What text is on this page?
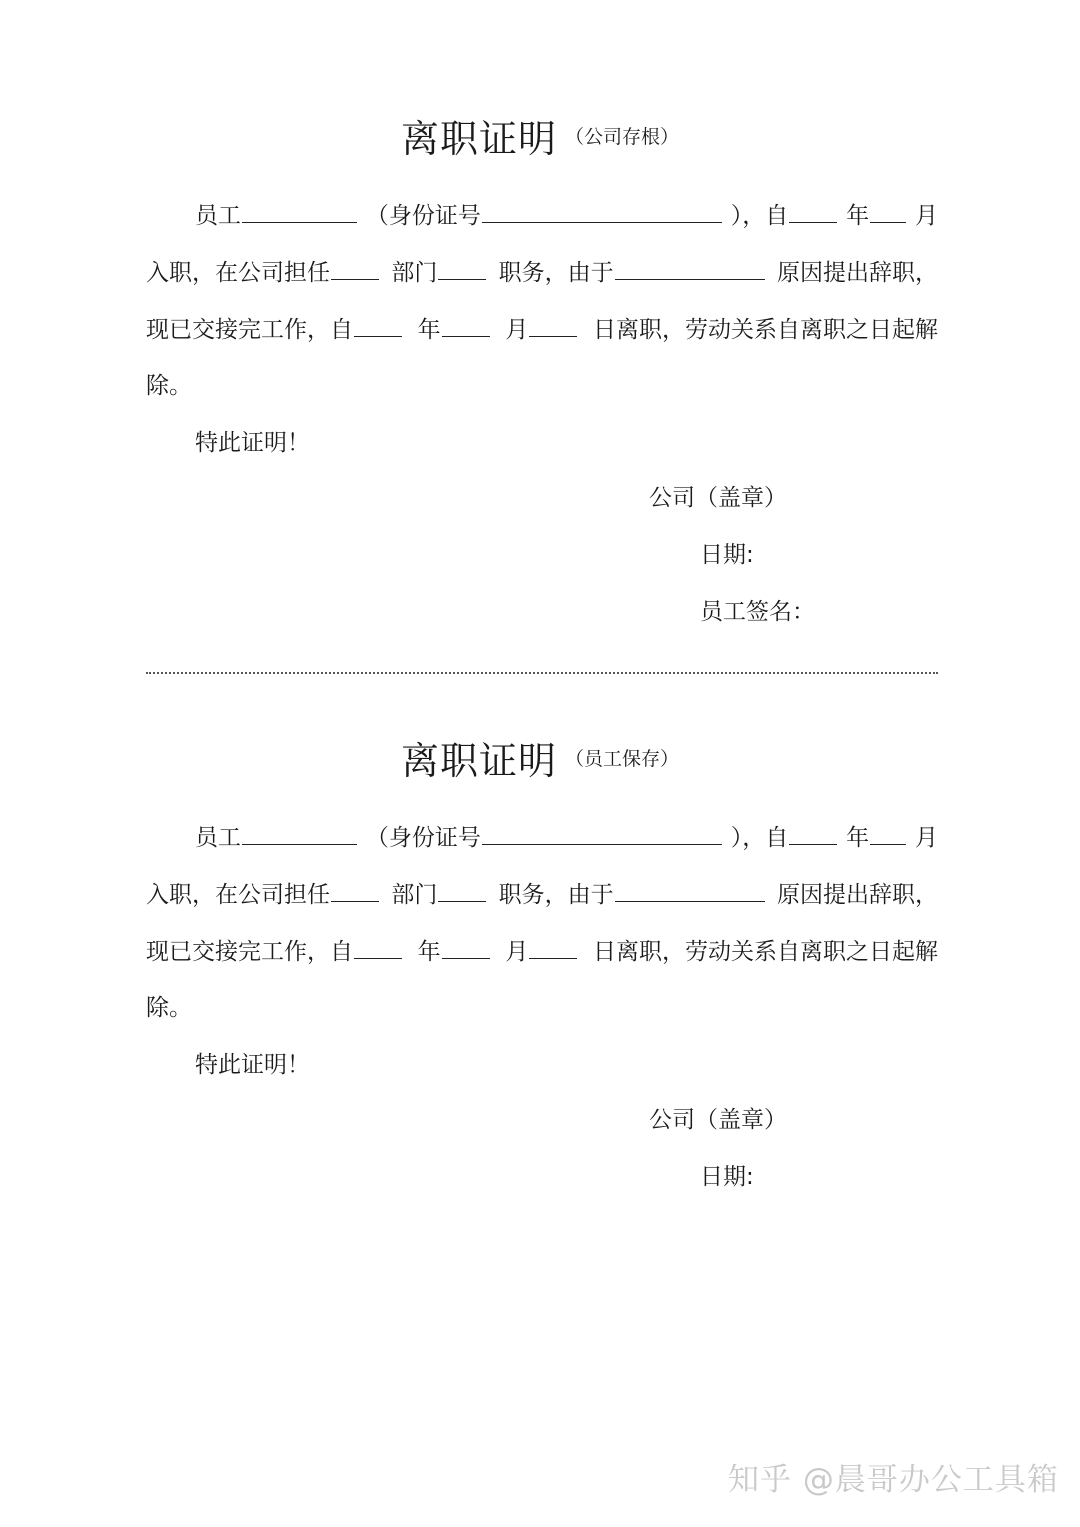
离职证明 （公司存根）
员工	（身份证号	），自	年	月
入职，在公司担任	部门	职务，由于	原因提出辞职，
现已交接完工作，自	年	月	日离职，劳动关系自离职之日起解
除。
特此证明！
公司（盖章）
日期:
员工签名：
离职证明 （员工保存）
员工	（身份证号	），自	年	月
入职，在公司担任	部门	职务，由于	原因提出辞职，
现已交接完工作，自	年	月	日离职，劳动关系自离职之日起解
除。
特此证明！
公司（盖章）
日期:
知乎 @晨哥办公工具箱
